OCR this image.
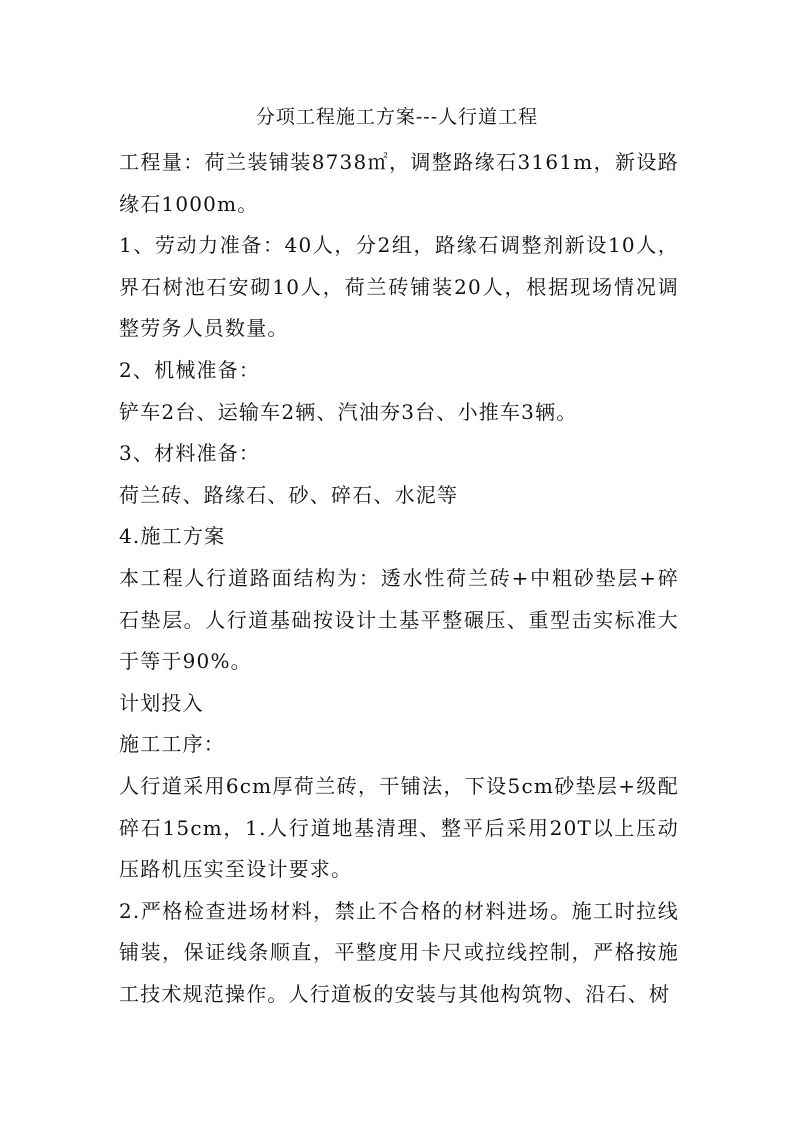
分项工程施工方案---人行道工程

工程量：荷兰装铺装8738㎡，调整路缘石3161m，新设路缘石1000m。

1、劳动力准备：40人，分2组，路缘石调整剂新设10人，界石树池石安砌10人，荷兰砖铺装20人，根据现场情况调整劳务人员数量。

2、机械准备：

铲车2台、运输车2辆、汽油夯3台、小推车3辆。

3、材料准备：

荷兰砖、路缘石、砂、碎石、水泥等

4.施工方案

本工程人行道路面结构为：透水性荷兰砖+中粗砂垫层+碎石垫层。人行道基础按设计土基平整碾压、重型击实标准大于等于90%。

计划投入

施工工序：

人行道采用6cm厚荷兰砖，干铺法，下设5cm砂垫层+级配碎石15cm，1.人行道地基清理、整平后采用20T以上压动压路机压实至设计要求。

2.严格检查进场材料，禁止不合格的材料进场。施工时拉线铺装，保证线条顺直，平整度用卡尺或拉线控制，严格按施工技术规范操作。人行道板的安装与其他构筑物、沿石、树
